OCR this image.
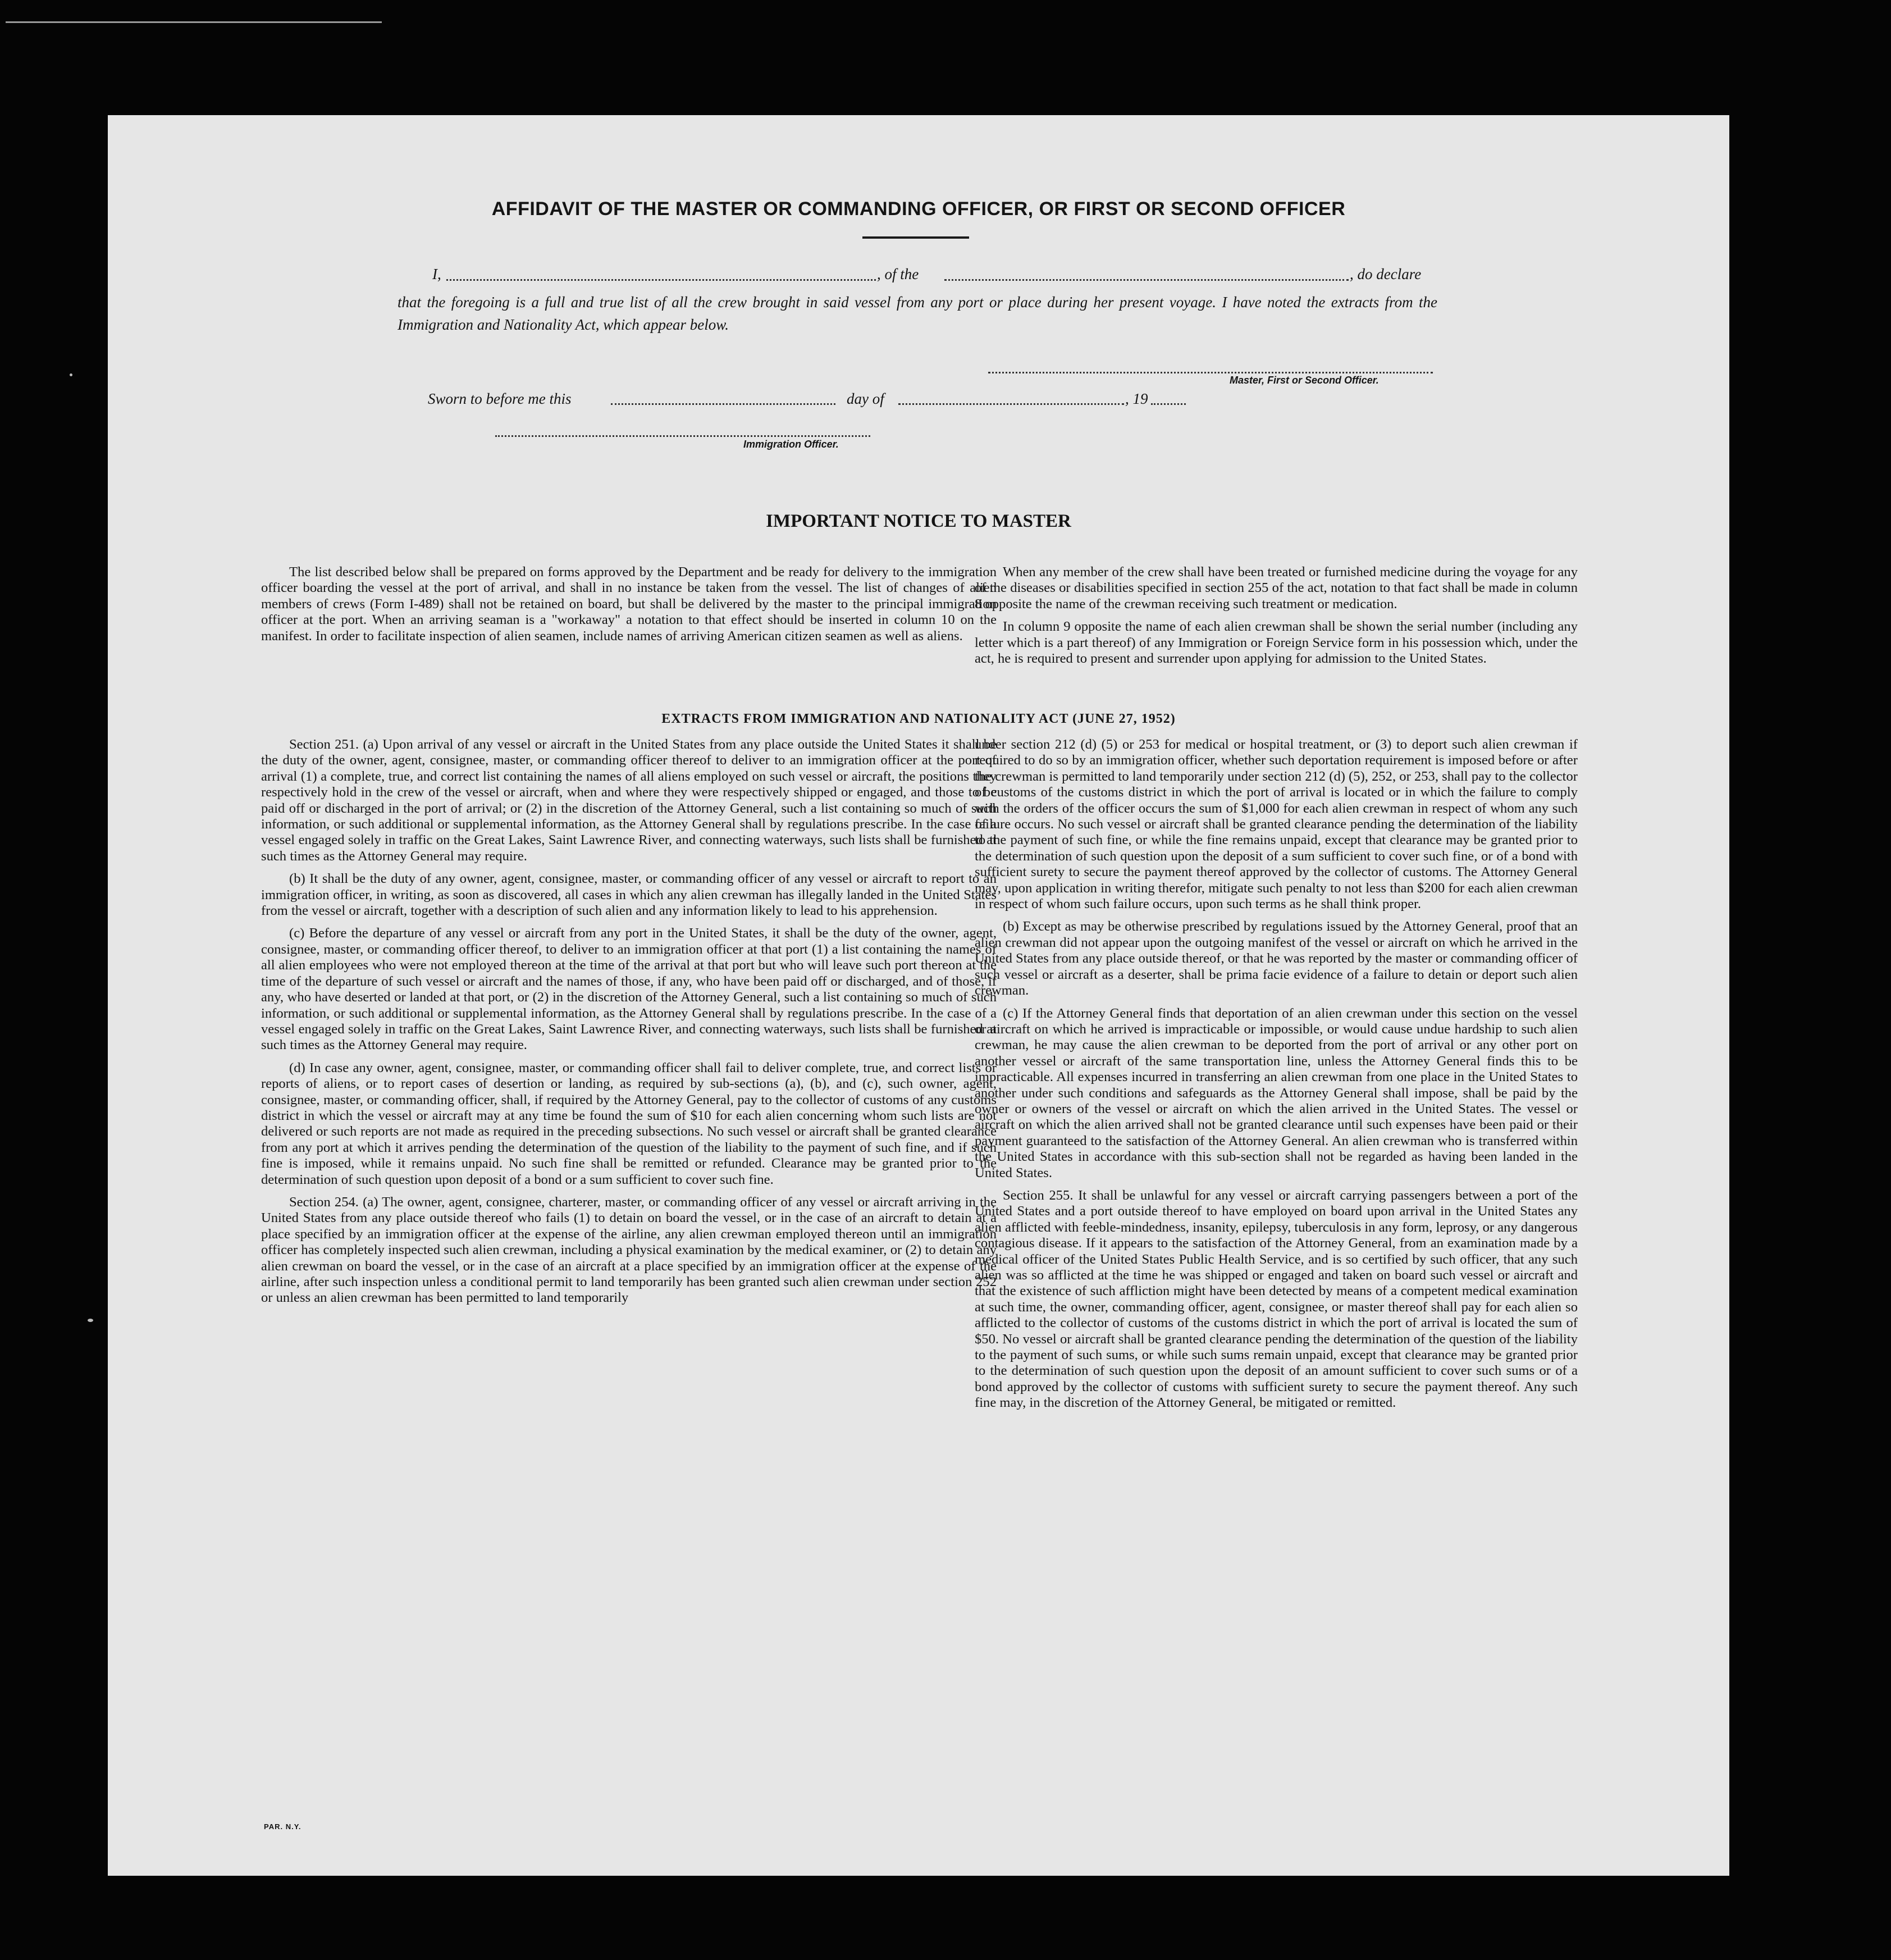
AFFIDAVIT OF THE MASTER OR COMMANDING OFFICER, OR FIRST OR SECOND OFFICER
I,	, of the	, do declare
that the foregoing is a full and true list of all the crew brought in said vessel from any port or place during her present voyage. I have noted the extracts from the Immigration and Nationality Act, which appear below.
Master, First or Second Officer.
Sworn to before me this	day of	, 19
Immigration Officer.
IMPORTANT NOTICE TO MASTER

The list described below shall be prepared on forms approved by the Department and be ready for delivery to the immigration officer boarding the vessel at the port of arrival, and shall in no instance be taken from the vessel. The list of changes of alien members of crews (Form I-489) shall not be retained on board, but shall be delivered by the master to the principal immigration officer at the port. When an arriving seaman is a "workaway" a notation to that effect should be inserted in column 10 on the manifest. In order to facilitate inspection of alien seamen, include names of arriving American citizen seamen as well as aliens.

When any member of the crew shall have been treated or furnished medicine during the voyage for any of the diseases or disabilities specified in section 255 of the act, notation to that fact shall be made in column 8 opposite the name of the crewman receiving such treatment or medication.

In column 9 opposite the name of each alien crewman shall be shown the serial number (including any letter which is a part thereof) of any Immigration or Foreign Service form in his possession which, under the act, he is required to present and surrender upon applying for admission to the United States.

EXTRACTS FROM IMMIGRATION AND NATIONALITY ACT (JUNE 27, 1952)

Section 251. (a) Upon arrival of any vessel or aircraft in the United States from any place outside the United States it shall be the duty of the owner, agent, consignee, master, or commanding officer thereof to deliver to an immigration officer at the port of arrival (1) a complete, true, and correct list containing the names of all aliens employed on such vessel or aircraft, the positions they respectively hold in the crew of the vessel or aircraft, when and where they were respectively shipped or engaged, and those to be paid off or discharged in the port of arrival; or (2) in the discretion of the Attorney General, such a list containing so much of such information, or such additional or supplemental information, as the Attorney General shall by regulations prescribe. In the case of a vessel engaged solely in traffic on the Great Lakes, Saint Lawrence River, and connecting waterways, such lists shall be furnished at such times as the Attorney General may require.

(b) It shall be the duty of any owner, agent, consignee, master, or commanding officer of any vessel or aircraft to report to an immigration officer, in writing, as soon as discovered, all cases in which any alien crewman has illegally landed in the United States from the vessel or aircraft, together with a description of such alien and any information likely to lead to his apprehension.

(c) Before the departure of any vessel or aircraft from any port in the United States, it shall be the duty of the owner, agent, consignee, master, or commanding officer thereof, to deliver to an immigration officer at that port (1) a list containing the names of all alien employees who were not employed thereon at the time of the arrival at that port but who will leave such port thereon at the time of the departure of such vessel or aircraft and the names of those, if any, who have been paid off or discharged, and of those, if any, who have deserted or landed at that port, or (2) in the discretion of the Attorney General, such a list containing so much of such information, or such additional or supplemental information, as the Attorney General shall by regulations prescribe. In the case of a vessel engaged solely in traffic on the Great Lakes, Saint Lawrence River, and connecting waterways, such lists shall be furnished at such times as the Attorney General may require.

(d) In case any owner, agent, consignee, master, or commanding officer shall fail to deliver complete, true, and correct lists or reports of aliens, or to report cases of desertion or landing, as required by sub-sections (a), (b), and (c), such owner, agent, consignee, master, or commanding officer, shall, if required by the Attorney General, pay to the collector of customs of any customs district in which the vessel or aircraft may at any time be found the sum of $10 for each alien concerning whom such lists are not delivered or such reports are not made as required in the preceding subsections. No such vessel or aircraft shall be granted clearance from any port at which it arrives pending the determination of the question of the liability to the payment of such fine, and if such fine is imposed, while it remains unpaid. No such fine shall be remitted or refunded. Clearance may be granted prior to the determination of such question upon deposit of a bond or a sum sufficient to cover such fine.

Section 254. (a) The owner, agent, consignee, charterer, master, or commanding officer of any vessel or aircraft arriving in the United States from any place outside thereof who fails (1) to detain on board the vessel, or in the case of an aircraft to detain at a place specified by an immigration officer at the expense of the airline, any alien crewman employed thereon until an immigration officer has completely inspected such alien crewman, including a physical examination by the medical examiner, or (2) to detain any alien crewman on board the vessel, or in the case of an aircraft at a place specified by an immigration officer at the expense of the airline, after such inspection unless a conditional permit to land temporarily has been granted such alien crewman under section 252 or unless an alien crewman has been permitted to land temporarily

PAR. N.Y.

under section 212 (d) (5) or 253 for medical or hospital treatment, or (3) to deport such alien crewman if required to do so by an immigration officer, whether such deportation requirement is imposed before or after the crewman is permitted to land temporarily under section 212 (d) (5), 252, or 253, shall pay to the collector of customs of the customs district in which the port of arrival is located or in which the failure to comply with the orders of the officer occurs the sum of $1,000 for each alien crewman in respect of whom any such failure occurs. No such vessel or aircraft shall be granted clearance pending the determination of the liability to the payment of such fine, or while the fine remains unpaid, except that clearance may be granted prior to the determination of such question upon the deposit of a sum sufficient to cover such fine, or of a bond with sufficient surety to secure the payment thereof approved by the collector of customs. The Attorney General may, upon application in writing therefor, mitigate such penalty to not less than $200 for each alien crewman in respect of whom such failure occurs, upon such terms as he shall think proper.

(b) Except as may be otherwise prescribed by regulations issued by the Attorney General, proof that an alien crewman did not appear upon the outgoing manifest of the vessel or aircraft on which he arrived in the United States from any place outside thereof, or that he was reported by the master or commanding officer of such vessel or aircraft as a deserter, shall be prima facie evidence of a failure to detain or deport such alien crewman.

(c) If the Attorney General finds that deportation of an alien crewman under this section on the vessel or aircraft on which he arrived is impracticable or impossible, or would cause undue hardship to such alien crewman, he may cause the alien crewman to be deported from the port of arrival or any other port on another vessel or aircraft of the same transportation line, unless the Attorney General finds this to be impracticable. All expenses incurred in transferring an alien crewman from one place in the United States to another under such conditions and safeguards as the Attorney General shall impose, shall be paid by the owner or owners of the vessel or aircraft on which the alien arrived in the United States. The vessel or aircraft on which the alien arrived shall not be granted clearance until such expenses have been paid or their payment guaranteed to the satisfaction of the Attorney General. An alien crewman who is transferred within the United States in accordance with this sub-section shall not be regarded as having been landed in the United States.

Section 255. It shall be unlawful for any vessel or aircraft carrying passengers between a port of the United States and a port outside thereof to have employed on board upon arrival in the United States any alien afflicted with feeble-mindedness, insanity, epilepsy, tuberculosis in any form, leprosy, or any dangerous contagious disease. If it appears to the satisfaction of the Attorney General, from an examination made by a medical officer of the United States Public Health Service, and is so certified by such officer, that any such alien was so afflicted at the time he was shipped or engaged and taken on board such vessel or aircraft and that the existence of such affliction might have been detected by means of a competent medical examination at such time, the owner, commanding officer, agent, consignee, or master thereof shall pay for each alien so afflicted to the collector of customs of the customs district in which the port of arrival is located the sum of $50. No vessel or aircraft shall be granted clearance pending the determination of the question of the liability to the payment of such sums, or while such sums remain unpaid, except that clearance may be granted prior to the determination of such question upon the deposit of an amount sufficient to cover such sums or of a bond approved by the collector of customs with sufficient surety to secure the payment thereof. Any such fine may, in the discretion of the Attorney General, be mitigated or remitted.
